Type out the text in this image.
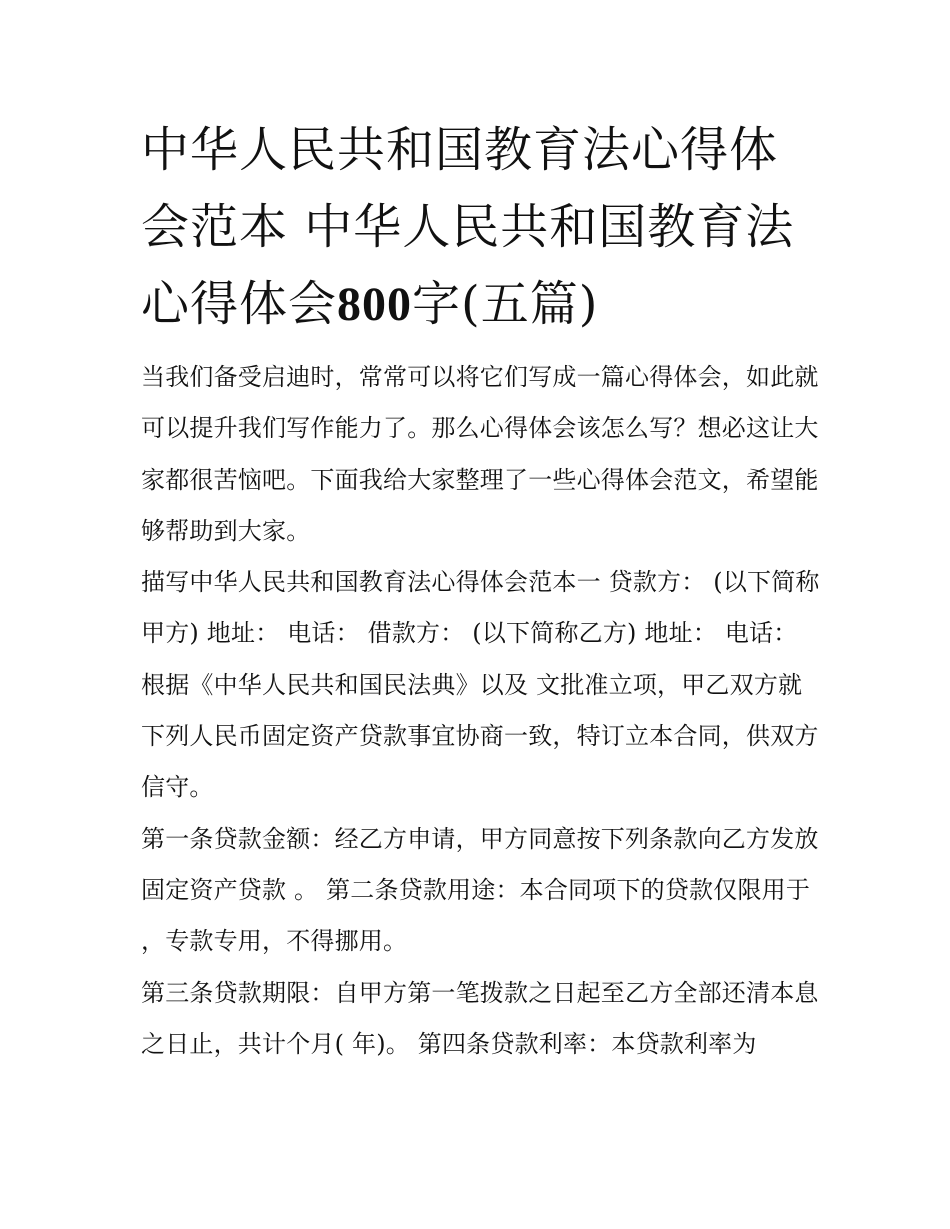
中华人民共和国教育法心得体会范本 中华人民共和国教育法心得体会800字(五篇)

当我们备受启迪时，常常可以将它们写成一篇心得体会，如此就可以提升我们写作能力了。那么心得体会该怎么写？想必这让大家都很苦恼吧。下面我给大家整理了一些心得体会范文，希望能够帮助到大家。

描写中华人民共和国教育法心得体会范本一 贷款方： (以下简称甲方) 地址： 电话： 借款方： (以下简称乙方) 地址： 电话：

根据《中华人民共和国民法典》以及 文批准立项，甲乙双方就下列人民币固定资产贷款事宜协商一致，特订立本合同，供双方信守。

第一条贷款金额：经乙方申请，甲方同意按下列条款向乙方发放固定资产贷款 。 第二条贷款用途：本合同项下的贷款仅限用于 ，专款专用，不得挪用。

第三条贷款期限：自甲方第一笔拨款之日起至乙方全部还清本息之日止，共计个月( 年)。 第四条贷款利率：本贷款利率为
